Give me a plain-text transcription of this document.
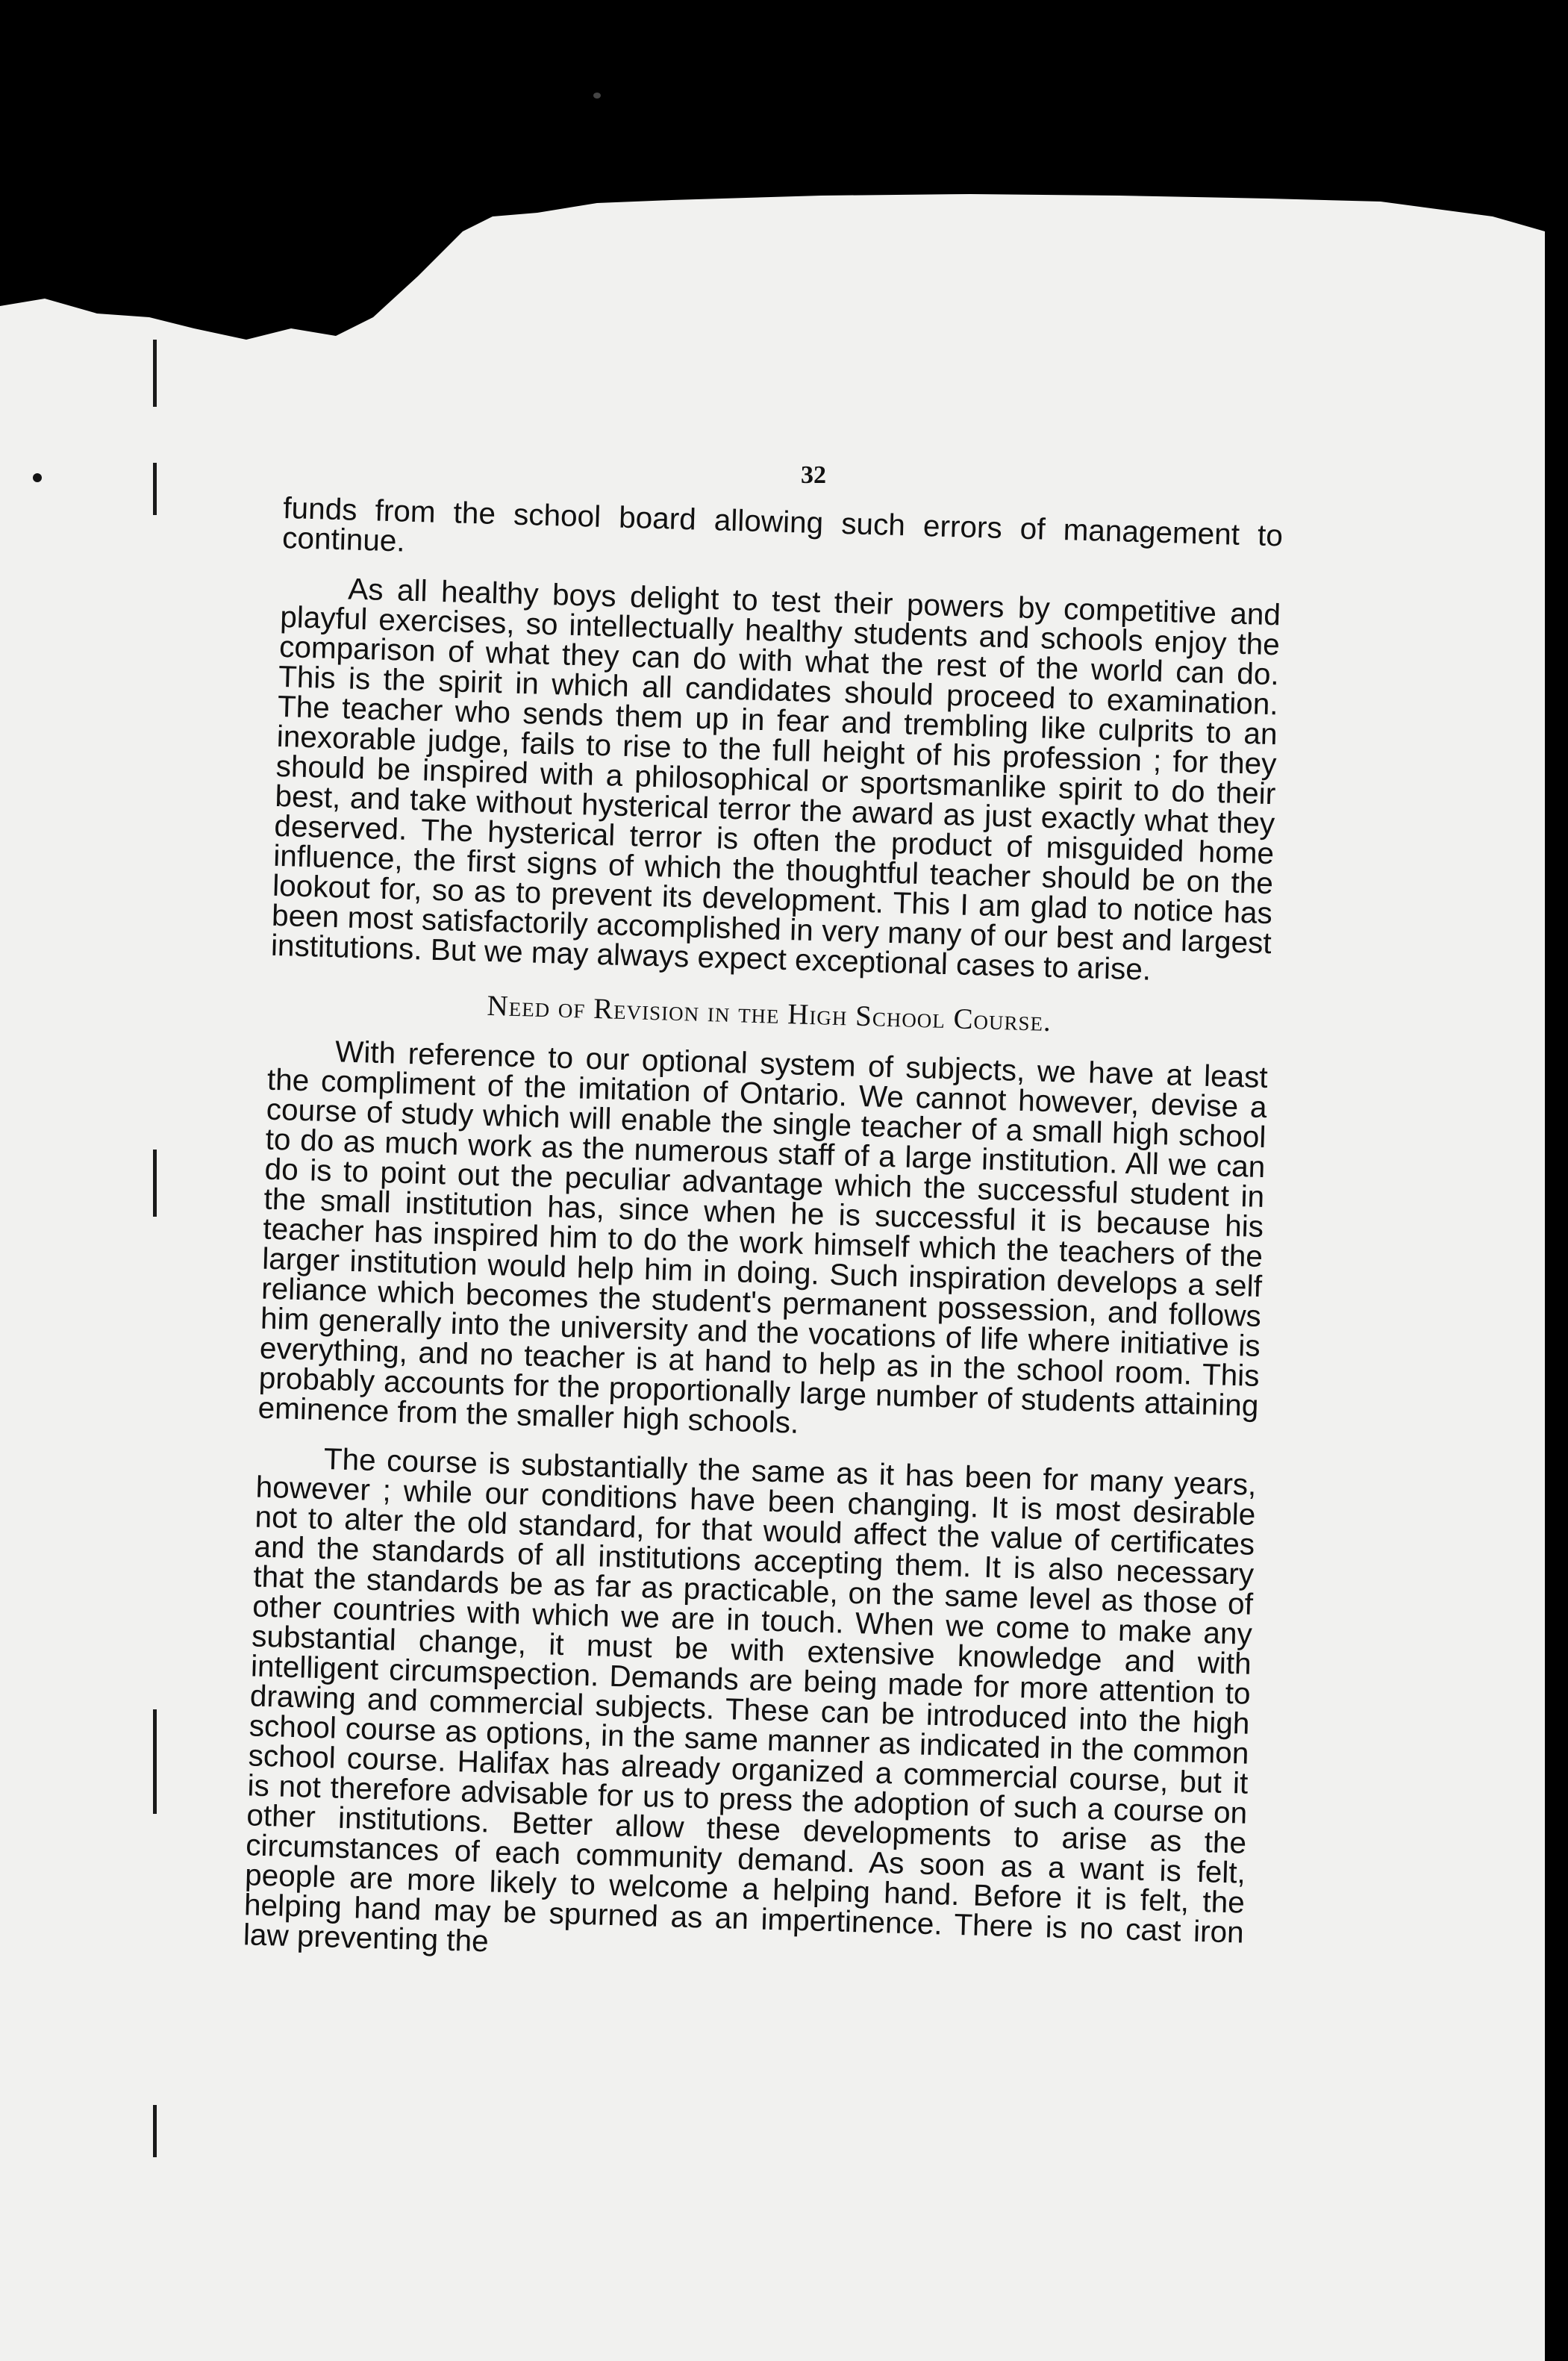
32

funds from the school board allowing such errors of management to continue.

As all healthy boys delight to test their powers by competitive and playful exercises, so intellectually healthy students and schools enjoy the comparison of what they can do with what the rest of the world can do. This is the spirit in which all candidates should proceed to examination. The teacher who sends them up in fear and trembling like culprits to an inexorable judge, fails to rise to the full height of his profession ; for they should be inspired with a philosophical or sportsmanlike spirit to do their best, and take without hysterical terror the award as just exactly what they deserved. The hysterical terror is often the product of misguided home influence, the first signs of which the thoughtful teacher should be on the lookout for, so as to prevent its development. This I am glad to notice has been most satisfactorily accomplished in very many of our best and largest institutions. But we may always expect exceptional cases to arise.

Need of Revision in the High School Course.

With reference to our optional system of subjects, we have at least the compliment of the imitation of Ontario. We cannot however, devise a course of study which will enable the single teacher of a small high school to do as much work as the numerous staff of a large institution. All we can do is to point out the peculiar advantage which the successful student in the small institution has, since when he is successful it is because his teacher has inspired him to do the work himself which the teachers of the larger institution would help him in doing. Such inspiration develops a self reliance which becomes the student's permanent possession, and follows him generally into the university and the vocations of life where initiative is everything, and no teacher is at hand to help as in the school room. This probably accounts for the proportionally large number of students attaining eminence from the smaller high schools.

The course is substantially the same as it has been for many years, however ; while our conditions have been changing. It is most desirable not to alter the old standard, for that would affect the value of certificates and the standards of all institutions accepting them. It is also necessary that the standards be as far as practicable, on the same level as those of other countries with which we are in touch. When we come to make any substantial change, it must be with extensive knowledge and with intelligent circumspection. Demands are being made for more attention to drawing and commercial subjects. These can be introduced into the high school course as options, in the same manner as indicated in the common school course. Halifax has already organized a commercial course, but it is not therefore advisable for us to press the adoption of such a course on other institutions. Better allow these developments to arise as the circumstances of each community demand. As soon as a want is felt, people are more likely to welcome a helping hand. Before it is felt, the helping hand may be spurned as an impertinence. There is no cast iron law preventing the
